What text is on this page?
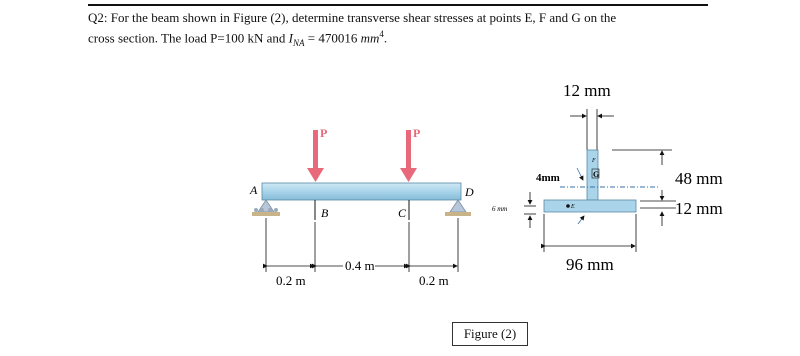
Q2: For the beam shown in Figure (2), determine transverse shear stresses at points E, F and G on the
cross section. The load P=100 kN and $I_{NA} = 470016$ $mm^4$.
P	P
A	D
B	C
0.2 m
0.4 m
0.2 m
6 mm
12 mm
F
G
E
4mm	48 mm
12 mm
96 mm
Figure (2)
